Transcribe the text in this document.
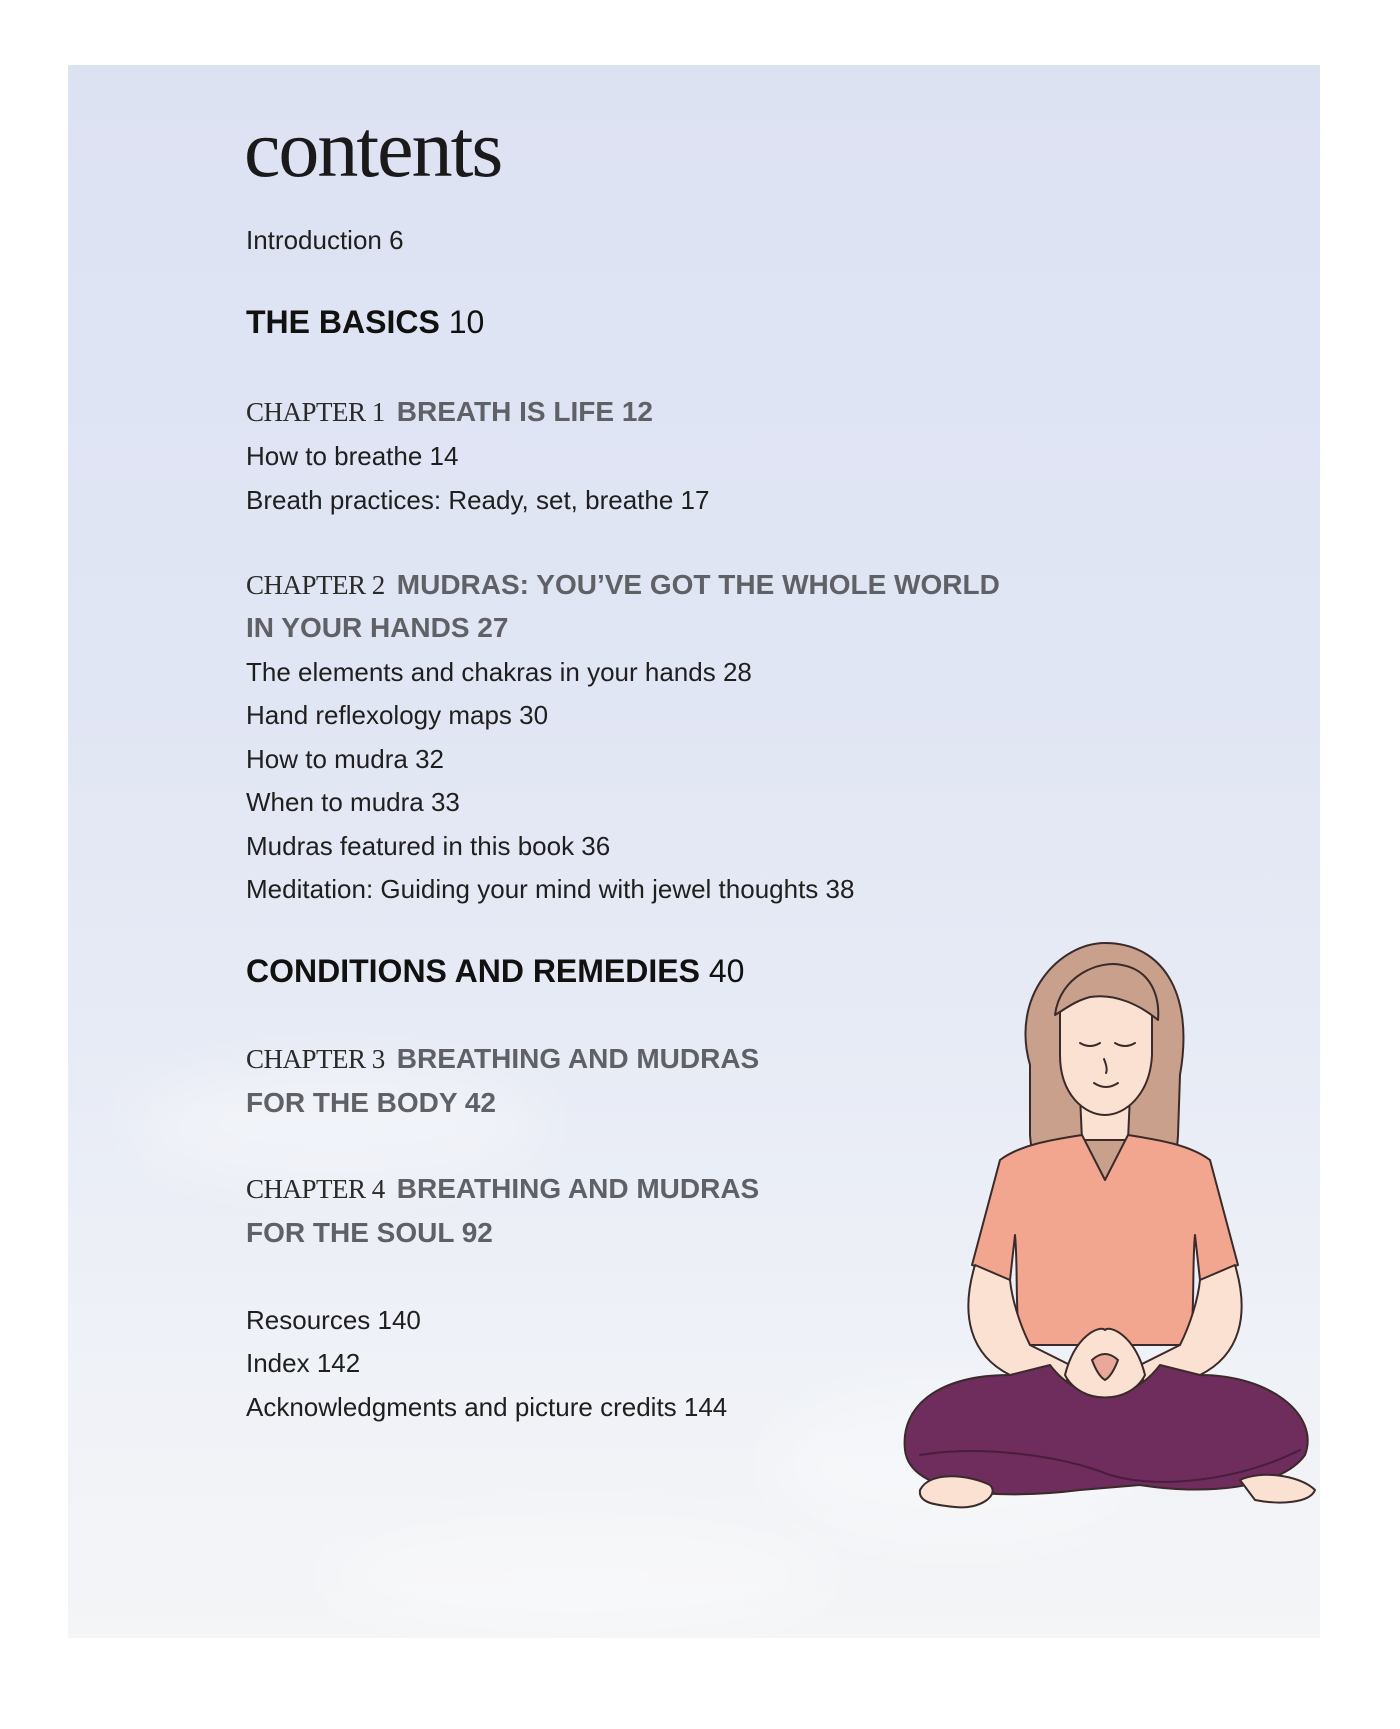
contents
Introduction 6
THE BASICS 10
CHAPTER 1 BREATH IS LIFE 12
How to breathe 14
Breath practices: Ready, set, breathe 17
CHAPTER 2 MUDRAS: YOU’VE GOT THE WHOLE WORLD
IN YOUR HANDS 27
The elements and chakras in your hands 28
Hand reflexology maps 30
How to mudra 32
When to mudra 33
Mudras featured in this book 36
Meditation: Guiding your mind with jewel thoughts 38
CONDITIONS AND REMEDIES 40
CHAPTER 3 BREATHING AND MUDRAS
FOR THE BODY 42
CHAPTER 4 BREATHING AND MUDRAS
FOR THE SOUL 92
Resources 140
Index 142
Acknowledgments and picture credits 144
